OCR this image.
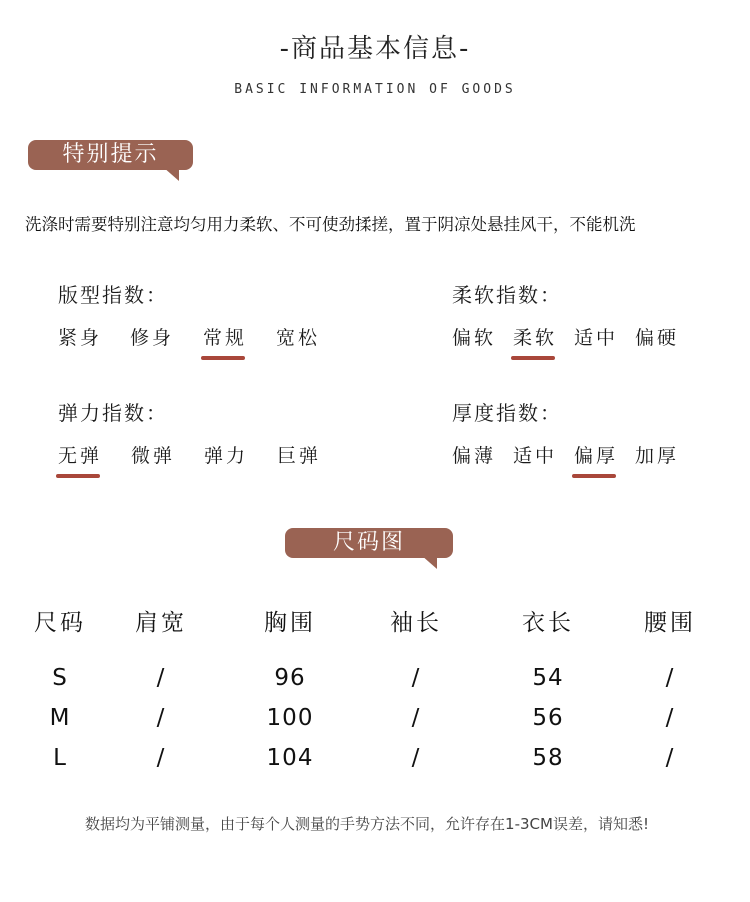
-商品基本信息-
BASIC INFORMATION OF GOODS
特别提示
洗涤时需要特别注意均匀用力柔软、不可使劲揉搓，置于阴凉处悬挂风干，不能机洗
版型指数：
紧身 修身 常规 宽松
柔软指数：
偏软 柔软 适中 偏硬
弹力指数：
无弹 微弹 弹力 巨弹
厚度指数：
偏薄 适中 偏厚 加厚
尺码图
尺码	肩宽	胸围	袖长	衣长	腰围
S	/	96	/	54	/
M	/	100	/	56	/
L	/	104	/	58	/
数据均为平铺测量，由于每个人测量的手势方法不同，允许存在1-3CM误差，请知悉!
